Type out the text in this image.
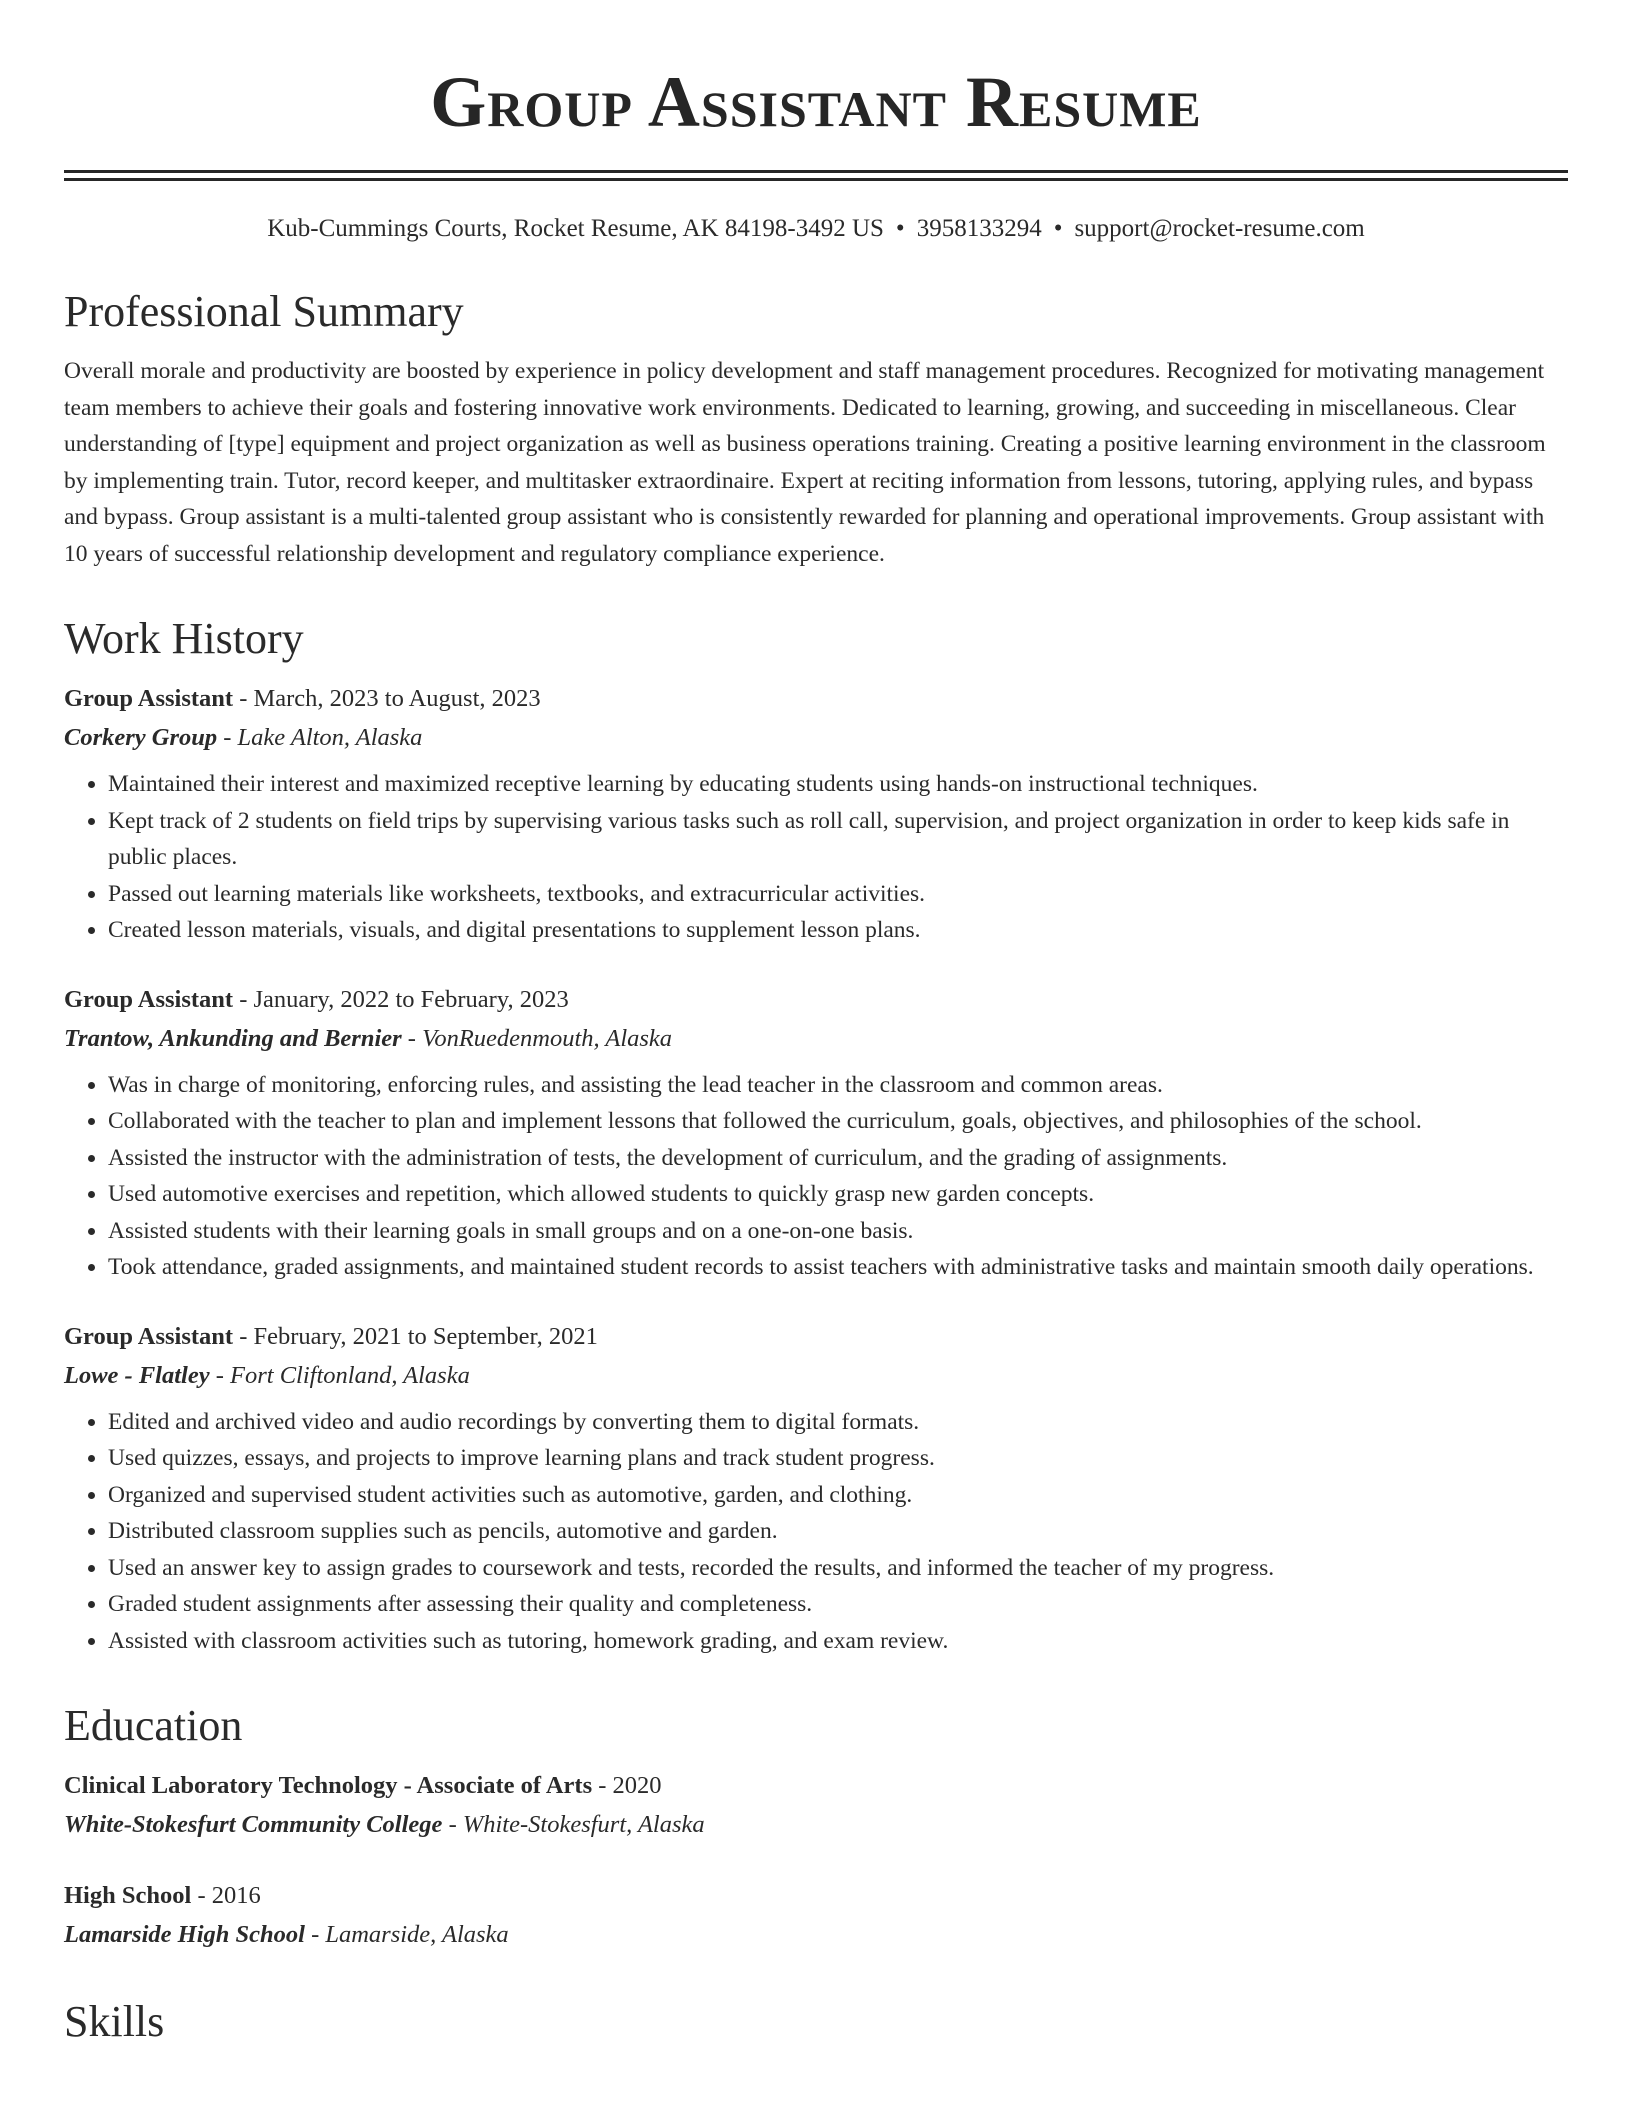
Group Assistant Resume
Kub-Cummings Courts, Rocket Resume, AK 84198-3492 US • 3958133294 • support@rocket-resume.com
Professional Summary

Overall morale and productivity are boosted by experience in policy development and staff management procedures. Recognized for motivating management team members to achieve their goals and fostering innovative work environments. Dedicated to learning, growing, and succeeding in miscellaneous. Clear understanding of [type] equipment and project organization as well as business operations training. Creating a positive learning environment in the classroom by implementing train. Tutor, record keeper, and multitasker extraordinaire. Expert at reciting information from lessons, tutoring, applying rules, and bypass and bypass. Group assistant is a multi-talented group assistant who is consistently rewarded for planning and operational improvements. Group assistant with 10 years of successful relationship development and regulatory compliance experience.

Work History
Group Assistant - March, 2023 to August, 2023
Corkery Group - Lake Alton, Alaska
• Maintained their interest and maximized receptive learning by educating students using hands-on instructional techniques.
• Kept track of 2 students on field trips by supervising various tasks such as roll call, supervision, and project organization in order to keep kids safe in public places.
• Passed out learning materials like worksheets, textbooks, and extracurricular activities.
• Created lesson materials, visuals, and digital presentations to supplement lesson plans.
Group Assistant - January, 2022 to February, 2023
Trantow, Ankunding and Bernier - VonRuedenmouth, Alaska
• Was in charge of monitoring, enforcing rules, and assisting the lead teacher in the classroom and common areas.
• Collaborated with the teacher to plan and implement lessons that followed the curriculum, goals, objectives, and philosophies of the school.
• Assisted the instructor with the administration of tests, the development of curriculum, and the grading of assignments.
• Used automotive exercises and repetition, which allowed students to quickly grasp new garden concepts.
• Assisted students with their learning goals in small groups and on a one-on-one basis.
• Took attendance, graded assignments, and maintained student records to assist teachers with administrative tasks and maintain smooth daily operations.
Group Assistant - February, 2021 to September, 2021
Lowe - Flatley - Fort Cliftonland, Alaska
• Edited and archived video and audio recordings by converting them to digital formats.
• Used quizzes, essays, and projects to improve learning plans and track student progress.
• Organized and supervised student activities such as automotive, garden, and clothing.
• Distributed classroom supplies such as pencils, automotive and garden.
• Used an answer key to assign grades to coursework and tests, recorded the results, and informed the teacher of my progress.
• Graded student assignments after assessing their quality and completeness.
• Assisted with classroom activities such as tutoring, homework grading, and exam review.
Education
Clinical Laboratory Technology - Associate of Arts - 2020
White-Stokesfurt Community College - White-Stokesfurt, Alaska
High School - 2016
Lamarside High School - Lamarside, Alaska
Skills
